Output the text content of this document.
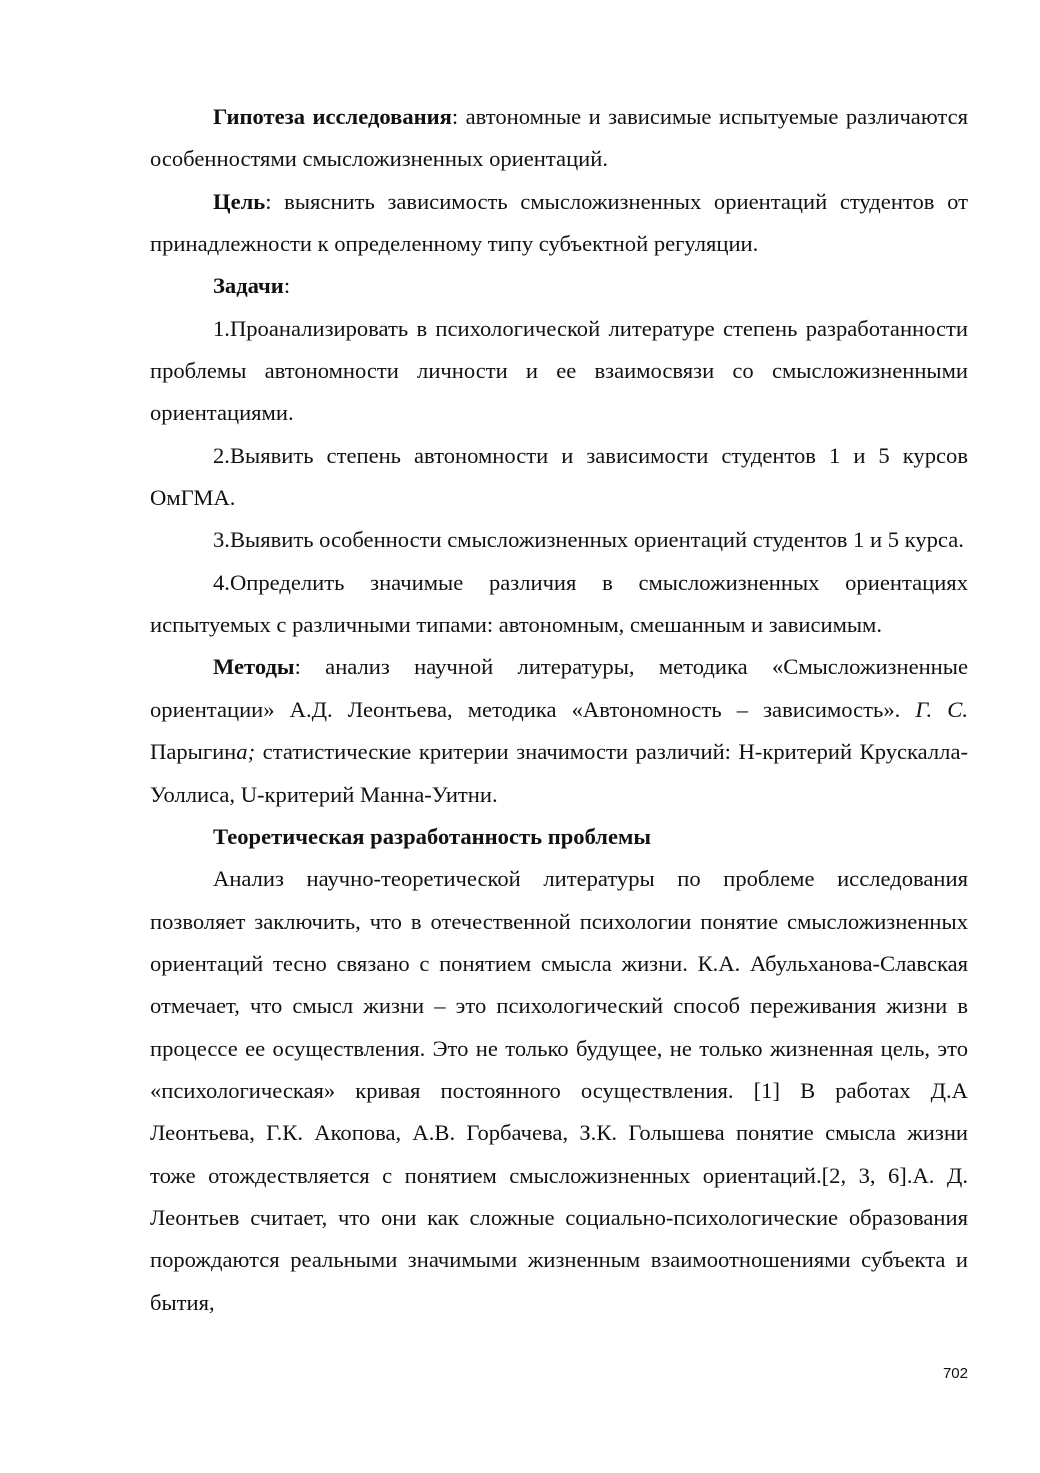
Гипотеза исследования: автономные и зависимые испытуемые различаются особенностями смысложизненных ориентаций.

Цель: выяснить зависимость смысложизненных ориентаций студентов от принадлежности к определенному типу субъектной регуляции.

Задачи:

1.Проанализировать в психологической литературе степень разработанности проблемы автономности личности и ее взаимосвязи со смысложизненными ориентациями.

2.Выявить степень автономности и зависимости студентов 1 и 5 курсов ОмГМА.

3.Выявить особенности смысложизненных ориентаций студентов 1 и 5 курса.

4.Определить значимые различия в смысложизненных ориентациях испытуемых с различными типами: автономным, смешанным и зависимым.

Методы: анализ научной литературы, методика «Смысложизненные ориентации» А.Д. Леонтьева, методика «Автономность – зависимость». Г. С. Парыгина; статистические критерии значимости различий: Н-критерий Крускалла-Уоллиса, U-критерий Манна-Уитни.

Теоретическая разработанность проблемы

Анализ научно-теоретической литературы по проблеме исследования позволяет заключить, что в отечественной психологии понятие смысложизненных ориентаций тесно связано с понятием смысла жизни. К.А. Абульханова-Славская отмечает, что смысл жизни – это психологический способ переживания жизни в процессе ее осуществления. Это не только будущее, не только жизненная цель, это «психологическая» кривая постоянного осуществления. [1] В работах Д.А Леонтьева, Г.К. Акопова, А.В. Горбачева, З.К. Голышева понятие смысла жизни тоже отождествляется с понятием смысложизненных ориентаций.[2, 3, 6].А. Д. Леонтьев считает, что они как сложные социально-психологические образования порождаются реальными значимыми жизненным взаимоотношениями субъекта и бытия,

702
